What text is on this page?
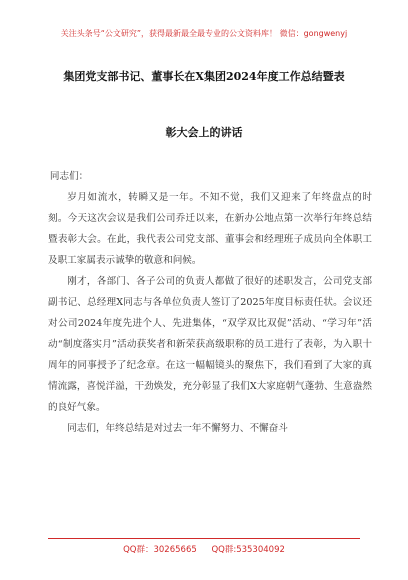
关注头条号“公文研究”，获得最新最全最专业的公文资料库！ 微信：gongwenyj
集团党支部书记、董事长在X集团2024年度工作总结暨表
彰大会上的讲话

同志们：

岁月如流水，转瞬又是一年。不知不觉，我们又迎来了年终盘点的时刻。今天这次会议是我们公司乔迁以来，在新办公地点第一次举行年终总结暨表彰大会。在此，我代表公司党支部、董事会和经理班子成员向全体职工及职工家属表示诚挚的敬意和问候。

刚才，各部门、各子公司的负责人都做了很好的述职发言，公司党支部副书记、总经理X同志与各单位负责人签订了2025年度目标责任状。会议还对公司2024年度先进个人、先进集体，“双学双比双促”活动、“学习年”活动“制度落实月”活动获奖者和新荣获高级职称的员工进行了表彰，为入职十周年的同事授予了纪念章。在这一幅幅镜头的聚焦下，我们看到了大家的真情流露，喜悦洋溢，干劲焕发，充分彰显了我们X大家庭朝气蓬勃、生意盎然的良好气象。

同志们，年终总结是对过去一年不懈努力、不懈奋斗

QQ群：30265665 QQ群:535304092
